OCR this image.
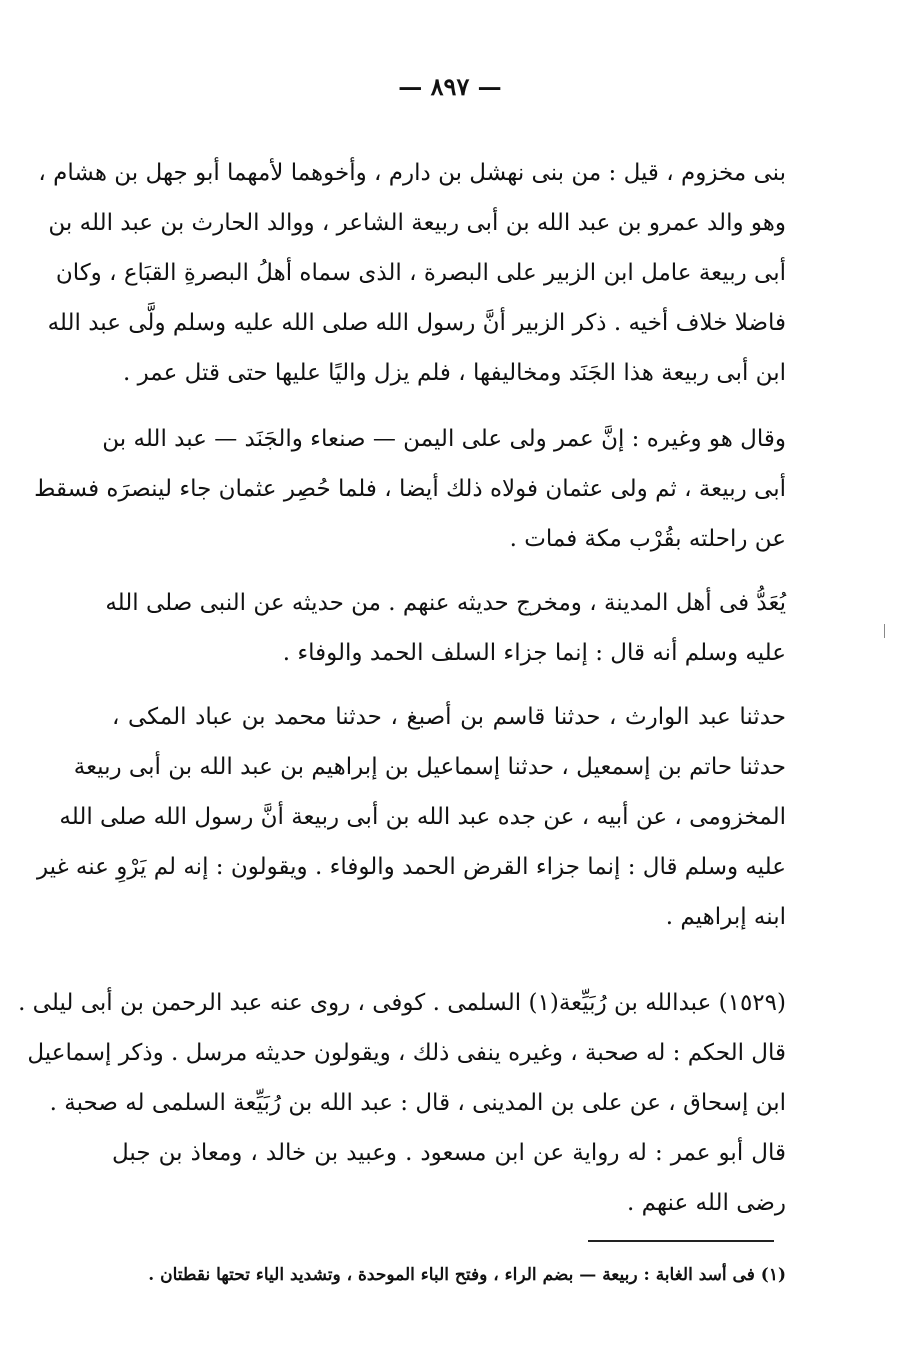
— ٨٩٧ —
بنى مخزوم ، قيل : من بنى نهشل بن دارم ، وأخوهما لأمهما أبو جهل بن هشام ،
وهو والد عمرو بن عبد الله بن أبى ربيعة الشاعر ، ووالد الحارث بن عبد الله بن
أبى ربيعة عامل ابن الزبير على البصرة ، الذى سماه أهلُ البصرةِ القبَاع ، وكان
فاضلا خلاف أخيه . ذكر الزبير أنَّ رسول الله صلى الله عليه وسلم ولَّى عبد الله
ابن أبى ربيعة هذا الجَنَد ومخاليفها ، فلم يزل واليًا عليها حتى قتل عمر .
وقال هو وغيره : إنَّ عمر ولى على اليمن — صنعاء والجَنَد — عبد الله بن
أبى ربيعة ، ثم ولى عثمان فولاه ذلك أيضا ، فلما حُصِر عثمان جاء لينصرَه فسقط
عن راحلته بقُرْب مكة فمات .
يُعَدُّ فى أهل المدينة ، ومخرج حديثه عنهم . من حديثه عن النبى صلى الله
عليه وسلم أنه قال : إنما جزاء السلف الحمد والوفاء .
حدثنا عبد الوارث ، حدثنا قاسم بن أصبغ ، حدثنا محمد بن عباد المكى ،
حدثنا حاتم بن إسمعيل ، حدثنا إسماعيل بن إبراهيم بن عبد الله بن أبى ربيعة
المخزومى ، عن أبيه ، عن جده عبد الله بن أبى ربيعة أنَّ رسول الله صلى الله
عليه وسلم قال : إنما جزاء القرض الحمد والوفاء . ويقولون : إنه لم يَرْوِ عنه غير
ابنه إبراهيم .
(١٥٢٩) عبدالله بن رُبَيِّعة(١) السلمى . كوفى ، روى عنه عبد الرحمن بن أبى ليلى .
قال الحكم : له صحبة ، وغيره ينفى ذلك ، ويقولون حديثه مرسل . وذكر إسماعيل
ابن إسحاق ، عن على بن المدينى ، قال : عبد الله بن رُبَيِّعة السلمى له صحبة .
قال أبو عمر : له رواية عن ابن مسعود . وعبيد بن خالد ، ومعاذ بن جبل
رضى الله عنهم .
(١) فى أسد الغابة : ربيعة — بضم الراء ، وفتح الباء الموحدة ، وتشديد الياء تحتها نقطتان .
